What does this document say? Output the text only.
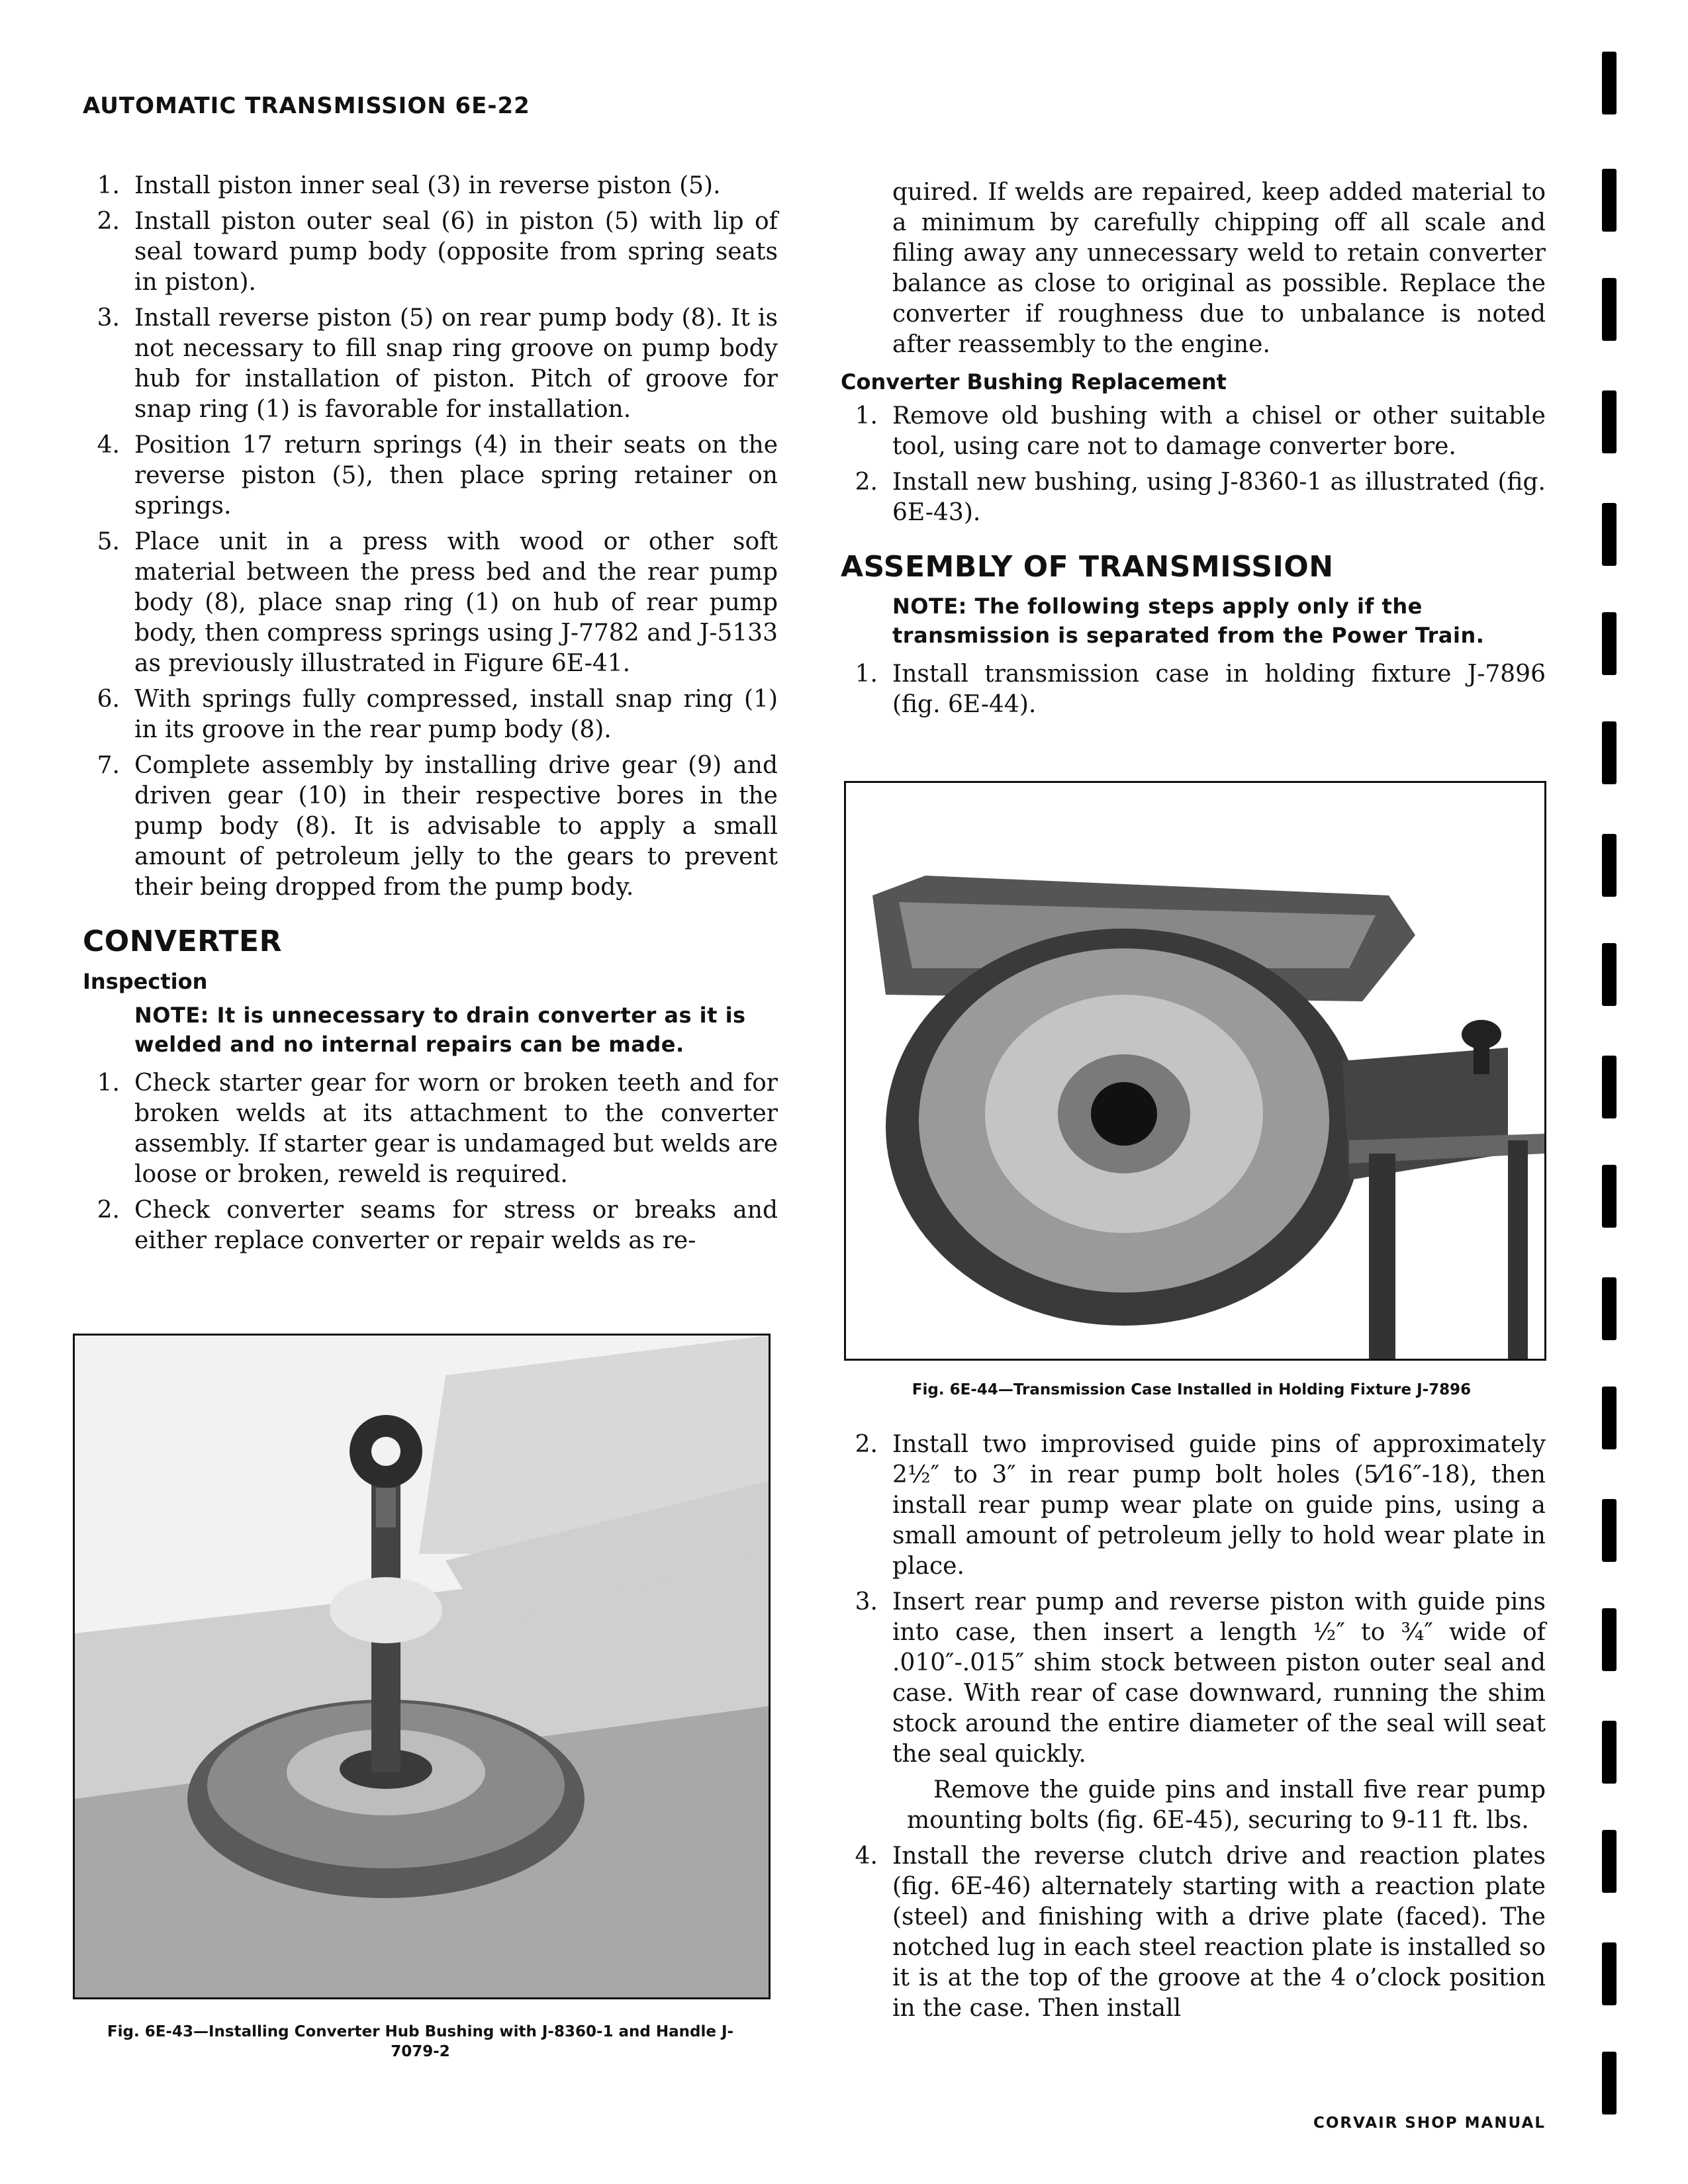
AUTOMATIC TRANSMISSION 6E-22
1. Install piston inner seal (3) in reverse piston (5).
2. Install piston outer seal (6) in piston (5) with lip of seal toward pump body (opposite from spring seats in piston).
3. Install reverse piston (5) on rear pump body (8). It is not necessary to fill snap ring groove on pump body hub for installation of piston. Pitch of groove for snap ring (1) is favorable for installation.
4. Position 17 return springs (4) in their seats on the reverse piston (5), then place spring retainer on springs.
5. Place unit in a press with wood or other soft material between the press bed and the rear pump body (8), place snap ring (1) on hub of rear pump body, then compress springs using J-7782 and J-5133 as previously illustrated in Figure 6E-41.
6. With springs fully compressed, install snap ring (1) in its groove in the rear pump body (8).
7. Complete assembly by installing drive gear (9) and driven gear (10) in their respective bores in the pump body (8). It is advisable to apply a small amount of petroleum jelly to the gears to prevent their being dropped from the pump body.
CONVERTER
Inspection
NOTE: It is unnecessary to drain converter as it is welded and no internal repairs can be made.
1. Check starter gear for worn or broken teeth and for broken welds at its attachment to the converter assembly. If starter gear is undamaged but welds are loose or broken, reweld is required.
2. Check converter seams for stress or breaks and either replace converter or repair welds as re-
Fig. 6E-43—Installing Converter Hub Bushing with J-8360-1 and Handle J-7079-2

quired. If welds are repaired, keep added material to a minimum by carefully chipping off all scale and filing away any unnecessary weld to retain converter balance as close to original as possible. Replace the converter if roughness due to unbalance is noted after reassembly to the engine.

Converter Bushing Replacement
1. Remove old bushing with a chisel or other suitable tool, using care not to damage converter bore.
2. Install new bushing, using J-8360-1 as illustrated (fig. 6E-43).
ASSEMBLY OF TRANSMISSION
NOTE: The following steps apply only if the transmission is separated from the Power Train.
1. Install transmission case in holding fixture J-7896 (fig. 6E-44).
Fig. 6E-44—Transmission Case Installed in Holding Fixture J-7896
2. Install two improvised guide pins of approximately 2½″ to 3″ in rear pump bolt holes (5⁄16″-18), then install rear pump wear plate on guide pins, using a small amount of petroleum jelly to hold wear plate in place.
3. Insert rear pump and reverse piston with guide pins into case, then insert a length ½″ to ¾″ wide of .010″-.015″ shim stock between piston outer seal and case. With rear of case downward, running the shim stock around the entire diameter of the seal will seat the seal quickly.

Remove the guide pins and install five rear pump mounting bolts (fig. 6E-45), securing to 9-11 ft. lbs.

4. Install the reverse clutch drive and reaction plates (fig. 6E-46) alternately starting with a reaction plate (steel) and finishing with a drive plate (faced). The notched lug in each steel reaction plate is installed so it is at the top of the groove at the 4 o’clock position in the case. Then install
CORVAIR SHOP MANUAL
